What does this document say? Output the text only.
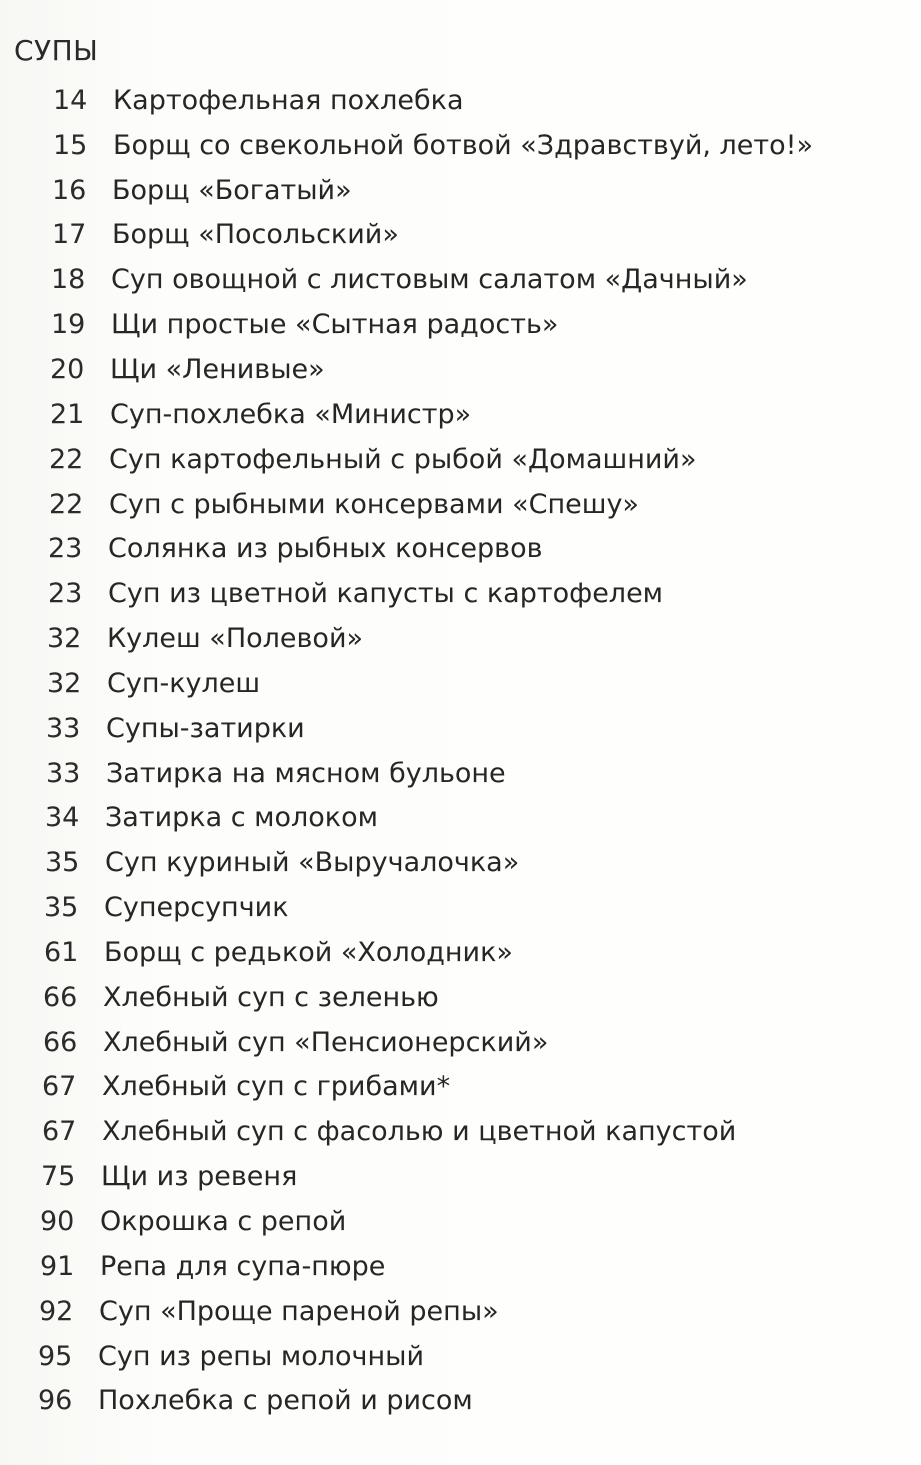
СУПЫ
14 Картофельная похлебка
15 Борщ со свекольной ботвой «Здравствуй, лето!»
16 Борщ «Богатый»
17 Борщ «Посольский»
18 Суп овощной с листовым салатом «Дачный»
19 Щи простые «Сытная радость»
20 Щи «Ленивые»
21 Суп-похлебка «Министр»
22 Суп картофельный с рыбой «Домашний»
22 Суп с рыбными консервами «Спешу»
23 Солянка из рыбных консервов
23 Суп из цветной капусты с картофелем
32 Кулеш «Полевой»
32 Суп-кулеш
33 Супы-затирки
33 Затирка на мясном бульоне
34 Затирка с молоком
35 Суп куриный «Выручалочка»
35 Суперсупчик
61 Борщ с редькой «Холодник»
66 Хлебный суп с зеленью
66 Хлебный суп «Пенсионерский»
67 Хлебный суп с грибами*
67 Хлебный суп с фасолью и цветной капустой
75 Щи из ревеня
90 Окрошка с репой
91 Репа для супа-пюре
92 Суп «Проще пареной репы»
95 Суп из репы молочный
96 Похлебка с репой и рисом
